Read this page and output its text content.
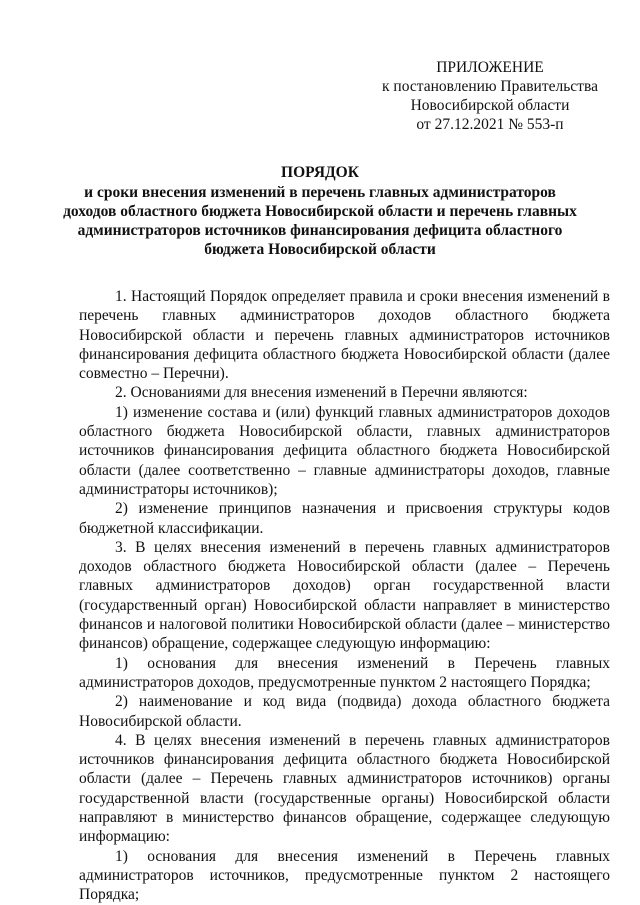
ПРИЛОЖЕНИЕ
к постановлению Правительства
Новосибирской области
от 27.12.2021 № 553-п
ПОРЯДОК
и сроки внесения изменений в перечень главных администраторов доходов областного бюджета Новосибирской области и перечень главных администраторов источников финансирования дефицита областного бюджета Новосибирской области

1. Настоящий Порядок определяет правила и сроки внесения изменений в перечень главных администраторов доходов областного бюджета Новосибирской области и перечень главных администраторов источников финансирования дефицита областного бюджета Новосибирской области (далее совместно – Перечни).

2. Основаниями для внесения изменений в Перечни являются:

1) изменение состава и (или) функций главных администраторов доходов областного бюджета Новосибирской области, главных администраторов источников финансирования дефицита областного бюджета Новосибирской области (далее соответственно – главные администраторы доходов, главные администраторы источников);

2) изменение принципов назначения и присвоения структуры кодов бюджетной классификации.

3. В целях внесения изменений в перечень главных администраторов доходов областного бюджета Новосибирской области (далее – Перечень главных администраторов доходов) орган государственной власти (государственный орган) Новосибирской области направляет в министерство финансов и налоговой политики Новосибирской области (далее – министерство финансов) обращение, содержащее следующую информацию:

1) основания для внесения изменений в Перечень главных администраторов доходов, предусмотренные пунктом 2 настоящего Порядка;

2) наименование и код вида (подвида) дохода областного бюджета Новосибирской области.

4. В целях внесения изменений в перечень главных администраторов источников финансирования дефицита областного бюджета Новосибирской области (далее – Перечень главных администраторов источников) органы государственной власти (государственные органы) Новосибирской области направляют в министерство финансов обращение, содержащее следующую информацию:

1) основания для внесения изменений в Перечень главных администраторов источников, предусмотренные пунктом 2 настоящего Порядка;
